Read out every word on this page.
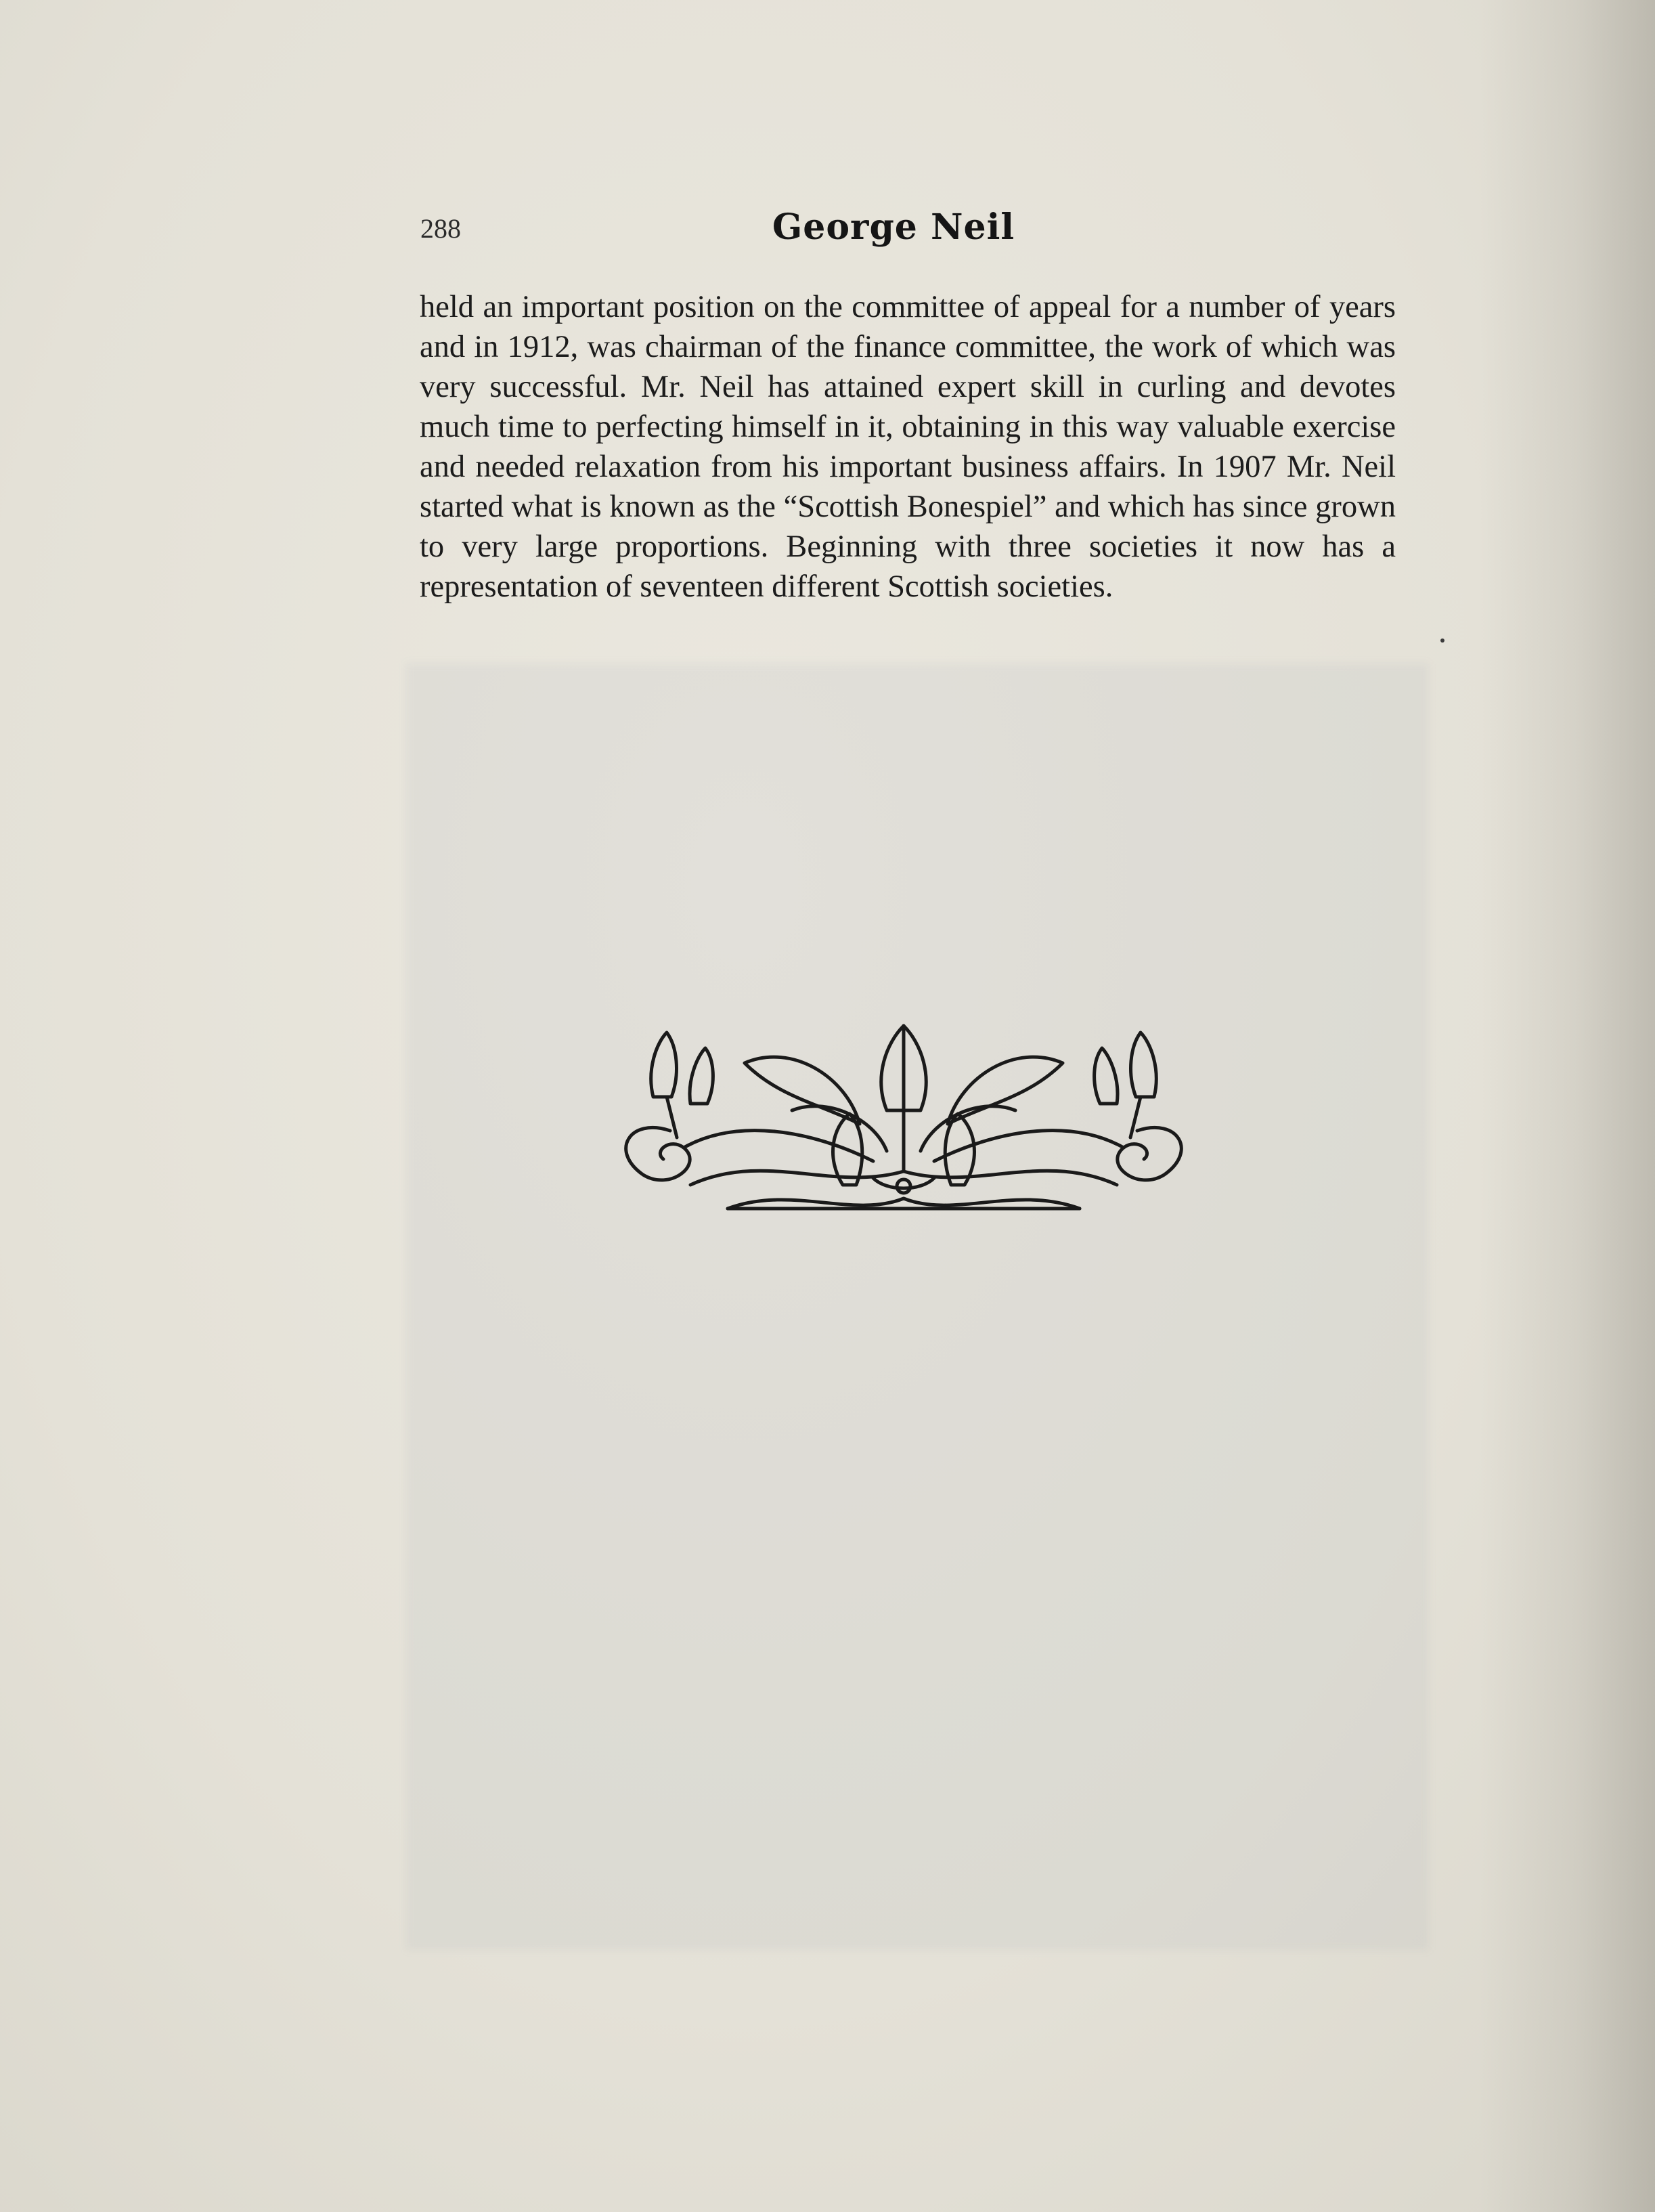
288	George Neil

held an important position on the committee of appeal for a number of years and in 1912, was chairman of the finance committee, the work of which was very successful. Mr. Neil has attained expert skill in curling and devotes much time to perfecting himself in it, obtaining in this way valuable exercise and needed relaxation from his important business affairs. In 1907 Mr. Neil started what is known as the “Scottish Bonespiel” and which has since grown to very large proportions. Beginning with three societies it now has a representation of seventeen different Scottish societies.
